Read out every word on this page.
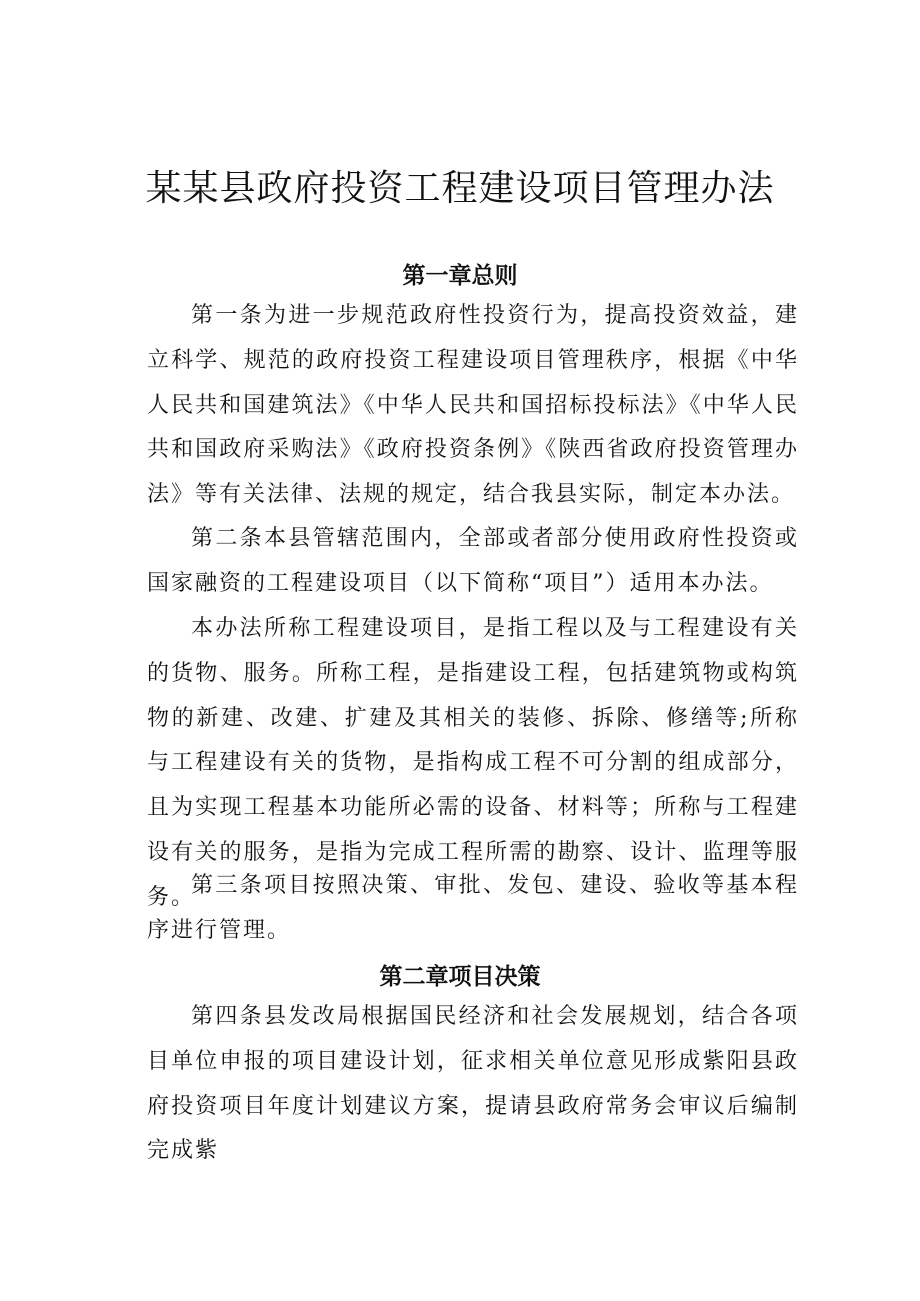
某某县政府投资工程建设项目管理办法
第一章总则
第一条为进一步规范政府性投资行为，提高投资效益，建立科学、规范的政府投资工程建设项目管理秩序，根据《中华人民共和国建筑法》《中华人民共和国招标投标法》《中华人民共和国政府采购法》《政府投资条例》《陕西省政府投资管理办法》等有关法律、法规的规定，结合我县实际，制定本办法。
第二条本县管辖范围内，全部或者部分使用政府性投资或国家融资的工程建设项目（以下简称“项目”）适用本办法。
本办法所称工程建设项目，是指工程以及与工程建设有关的货物、服务。所称工程，是指建设工程，包括建筑物或构筑物的新建、改建、扩建及其相关的装修、拆除、修缮等;所称与工程建设有关的货物，是指构成工程不可分割的组成部分，且为实现工程基本功能所必需的设备、材料等；所称与工程建设有关的服务，是指为完成工程所需的勘察、设计、监理等服务。
第三条项目按照决策、审批、发包、建设、验收等基本程序进行管理。
第二章项目决策
第四条县发改局根据国民经济和社会发展规划，结合各项目单位申报的项目建设计划，征求相关单位意见形成紫阳县政府投资项目年度计划建议方案，提请县政府常务会审议后编制完成紫
